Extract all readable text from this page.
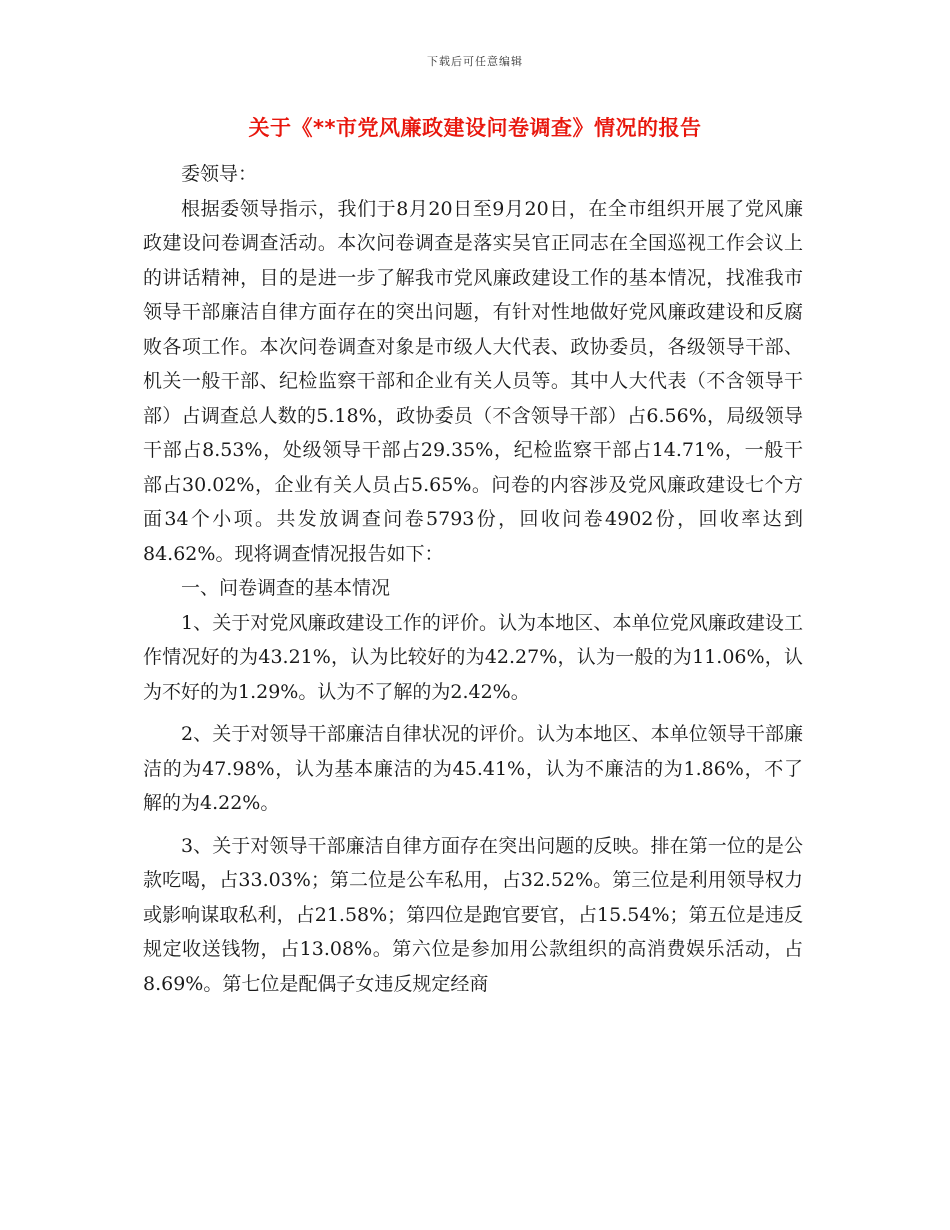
下载后可任意编辑
关于《**市党风廉政建设问卷调查》情况的报告

委领导：

根据委领导指示，我们于8月20日至9月20日，在全市组织开展了党风廉政建设问卷调查活动。本次问卷调查是落实吴官正同志在全国巡视工作会议上的讲话精神，目的是进一步了解我市党风廉政建设工作的基本情况，找准我市领导干部廉洁自律方面存在的突出问题，有针对性地做好党风廉政建设和反腐败各项工作。本次问卷调查对象是市级人大代表、政协委员，各级领导干部、机关一般干部、纪检监察干部和企业有关人员等。其中人大代表（不含领导干部）占调查总人数的5.18%，政协委员（不含领导干部）占6.56%，局级领导干部占8.53%，处级领导干部占29.35%，纪检监察干部占14.71%，一般干部占30.02%，企业有关人员占5.65%。问卷的内容涉及党风廉政建设七个方面34个小项。共发放调查问卷5793份，回收问卷4902份，回收率达到84.62%。现将调查情况报告如下：

一、问卷调查的基本情况

1、关于对党风廉政建设工作的评价。认为本地区、本单位党风廉政建设工作情况好的为43.21%，认为比较好的为42.27%，认为一般的为11.06%，认为不好的为1.29%。认为不了解的为2.42%。

2、关于对领导干部廉洁自律状况的评价。认为本地区、本单位领导干部廉洁的为47.98%，认为基本廉洁的为45.41%，认为不廉洁的为1.86%，不了解的为4.22%。

3、关于对领导干部廉洁自律方面存在突出问题的反映。排在第一位的是公款吃喝，占33.03%；第二位是公车私用，占32.52%。第三位是利用领导权力或影响谋取私利，占21.58%；第四位是跑官要官，占15.54%；第五位是违反规定收送钱物，占13.08%。第六位是参加用公款组织的高消费娱乐活动，占8.69%。第七位是配偶子女违反规定经商
